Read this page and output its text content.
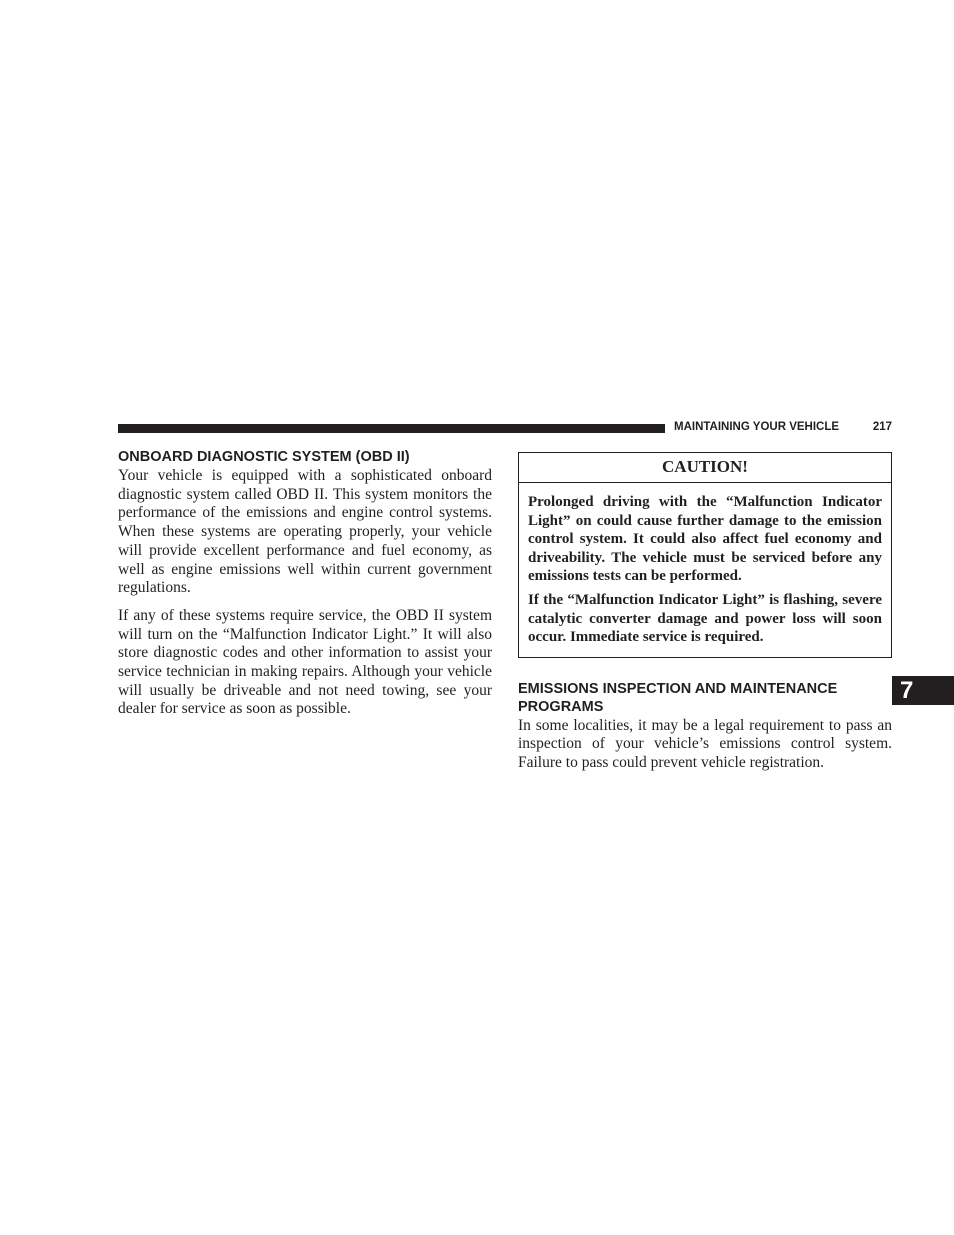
MAINTAINING YOUR VEHICLE	217
ONBOARD DIAGNOSTIC SYSTEM (OBD II)

Your vehicle is equipped with a sophisticated onboard diagnostic system called OBD II. This system monitors the performance of the emissions and engine control systems. When these systems are operating properly, your vehicle will provide excellent performance and fuel economy, as well as engine emissions well within current government regulations.

If any of these systems require service, the OBD II system will turn on the “Malfunction Indicator Light.” It will also store diagnostic codes and other information to assist your service technician in making repairs. Although your vehicle will usually be driveable and not need towing, see your dealer for service as soon as possible.

CAUTION!

Prolonged driving with the “Malfunction Indicator Light” on could cause further damage to the emission control system. It could also affect fuel economy and driveability. The vehicle must be serviced before any emissions tests can be performed.

If the “Malfunction Indicator Light” is flashing, severe catalytic converter damage and power loss will soon occur. Immediate service is required.

EMISSIONS INSPECTION AND MAINTENANCE PROGRAMS

In some localities, it may be a legal requirement to pass an inspection of your vehicle’s emissions control system. Failure to pass could prevent vehicle registration.

7
